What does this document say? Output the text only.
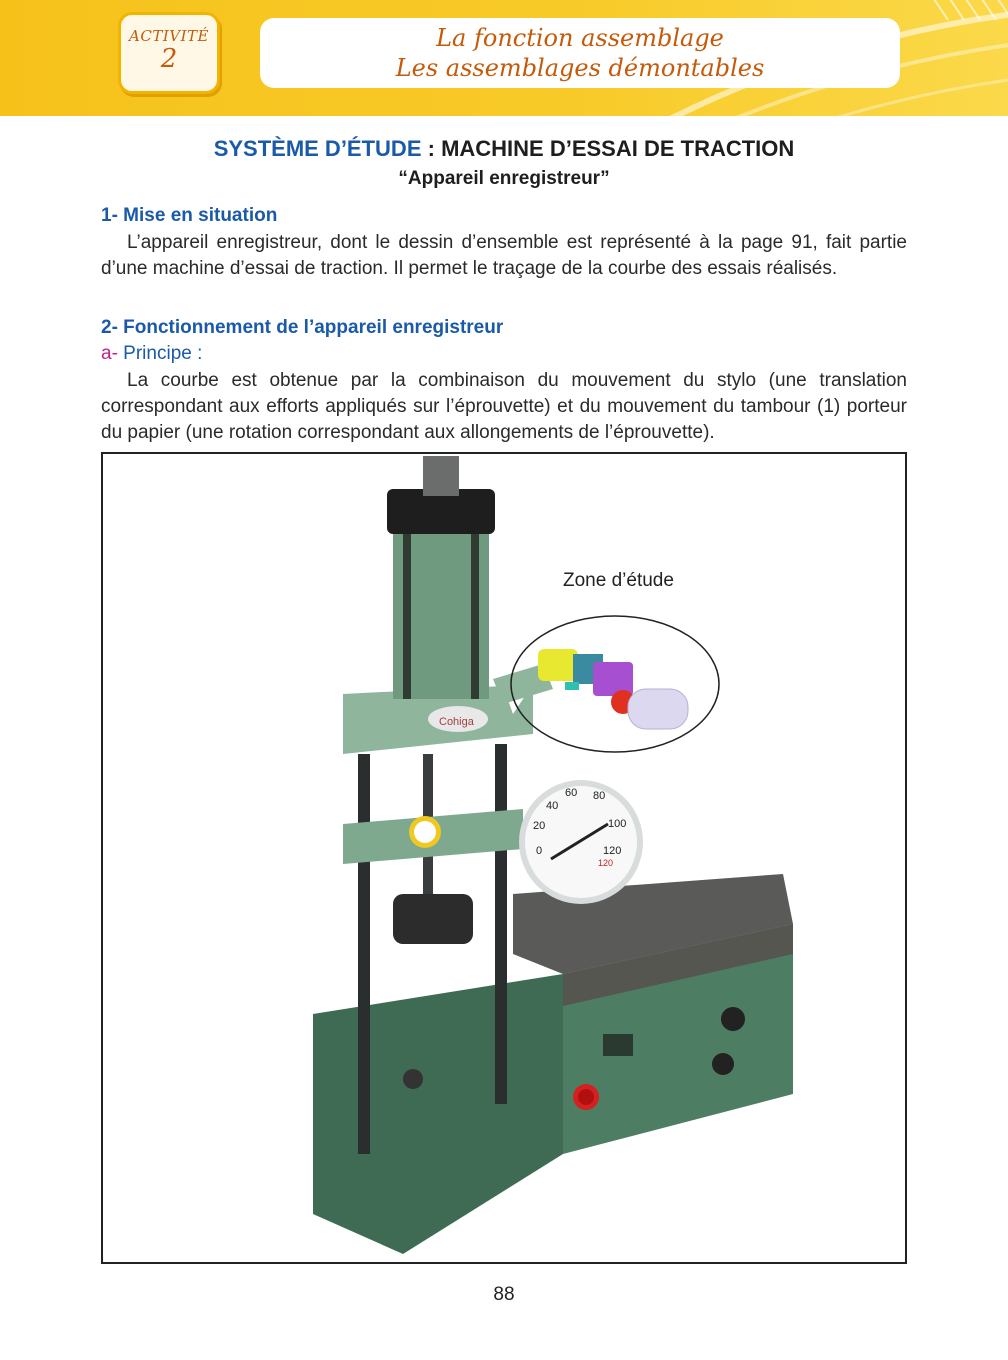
ACTIVITÉ
2
La fonction assemblage
Les assemblages démontables
SYSTÈME D’ÉTUDE : MACHINE D’ESSAI DE TRACTION
“Appareil enregistreur”
1- Mise en situation
L’appareil enregistreur, dont le dessin d’ensemble est représenté à la page 91, fait partie d’une machine d’essai de traction. Il permet le traçage de la courbe des essais réalisés.
2- Fonctionnement de l’appareil enregistreur
a- Principe :
La courbe est obtenue par la combinaison du mouvement du stylo (une translation correspondant aux efforts appliqués sur l’éprouvette) et du mouvement du tambour (1) porteur du papier (une rotation correspondant aux allongements de l’éprouvette).
Cohiga
0
20
40
60 80
100
120
120
Zone d’étude
88
